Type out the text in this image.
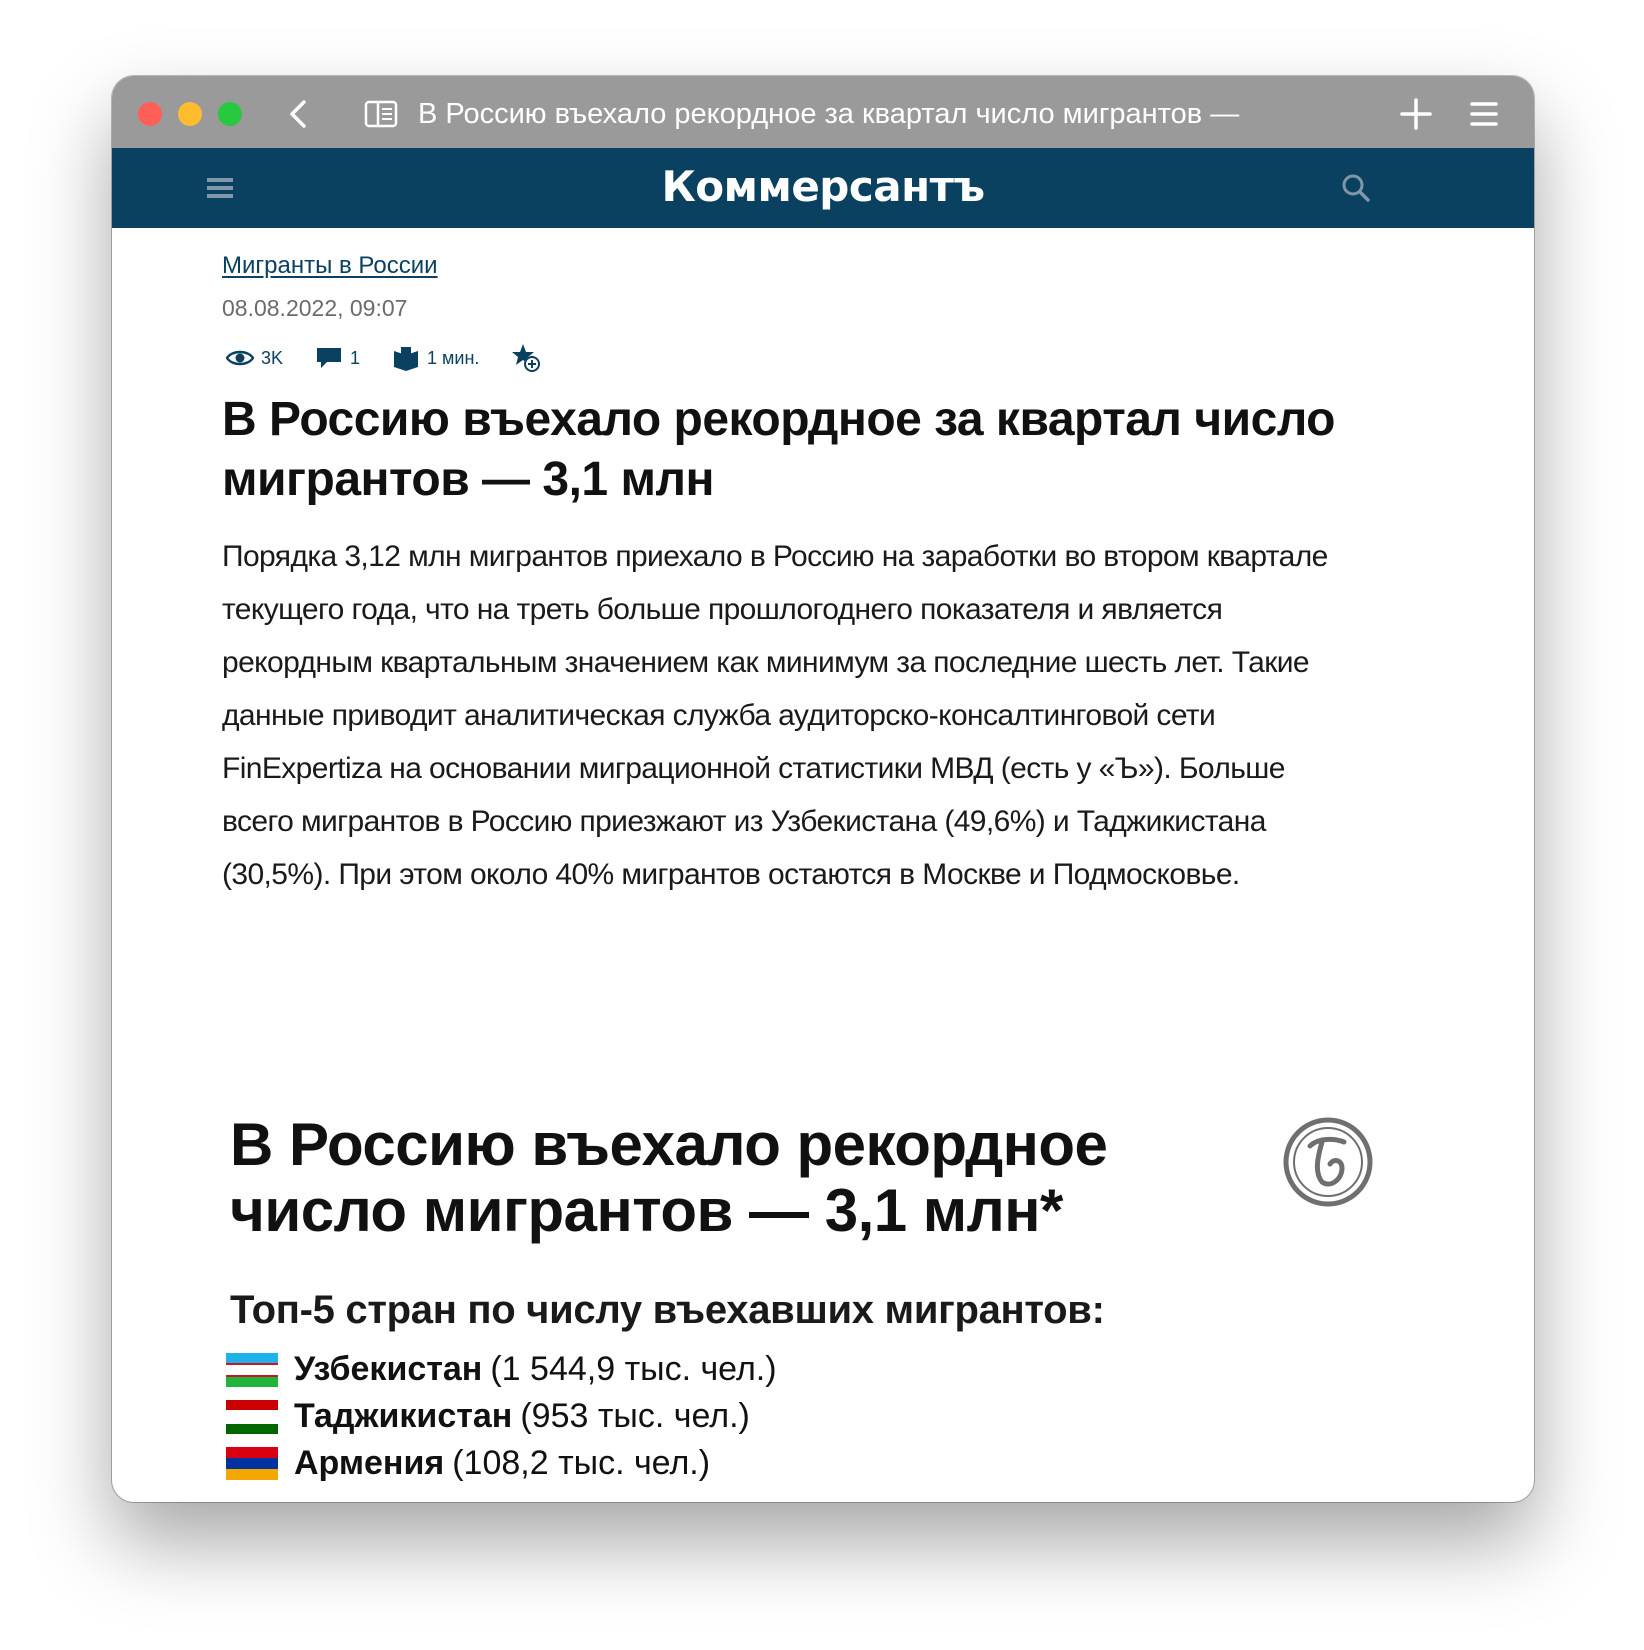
В Россию въехало рекордное за квартал число мигрантов —
Коммерсантъ
Мигранты в России
08.08.2022, 09:07
3K	1	1 мин.
В Россию въехало рекордное за квартал число мигрантов — 3,1 млн
Порядка 3,12 млн мигрантов приехало в Россию на заработки во втором квартале текущего года, что на треть больше прошлогоднего показателя и является рекордным квартальным значением как минимум за последние шесть лет. Такие данные приводит аналитическая служба аудиторско-консалтинговой сети FinExpertiza на основании миграционной статистики МВД (есть у «Ъ»). Больше всего мигрантов в Россию приезжают из Узбекистана (49,6%) и Таджикистана (30,5%). При этом около 40% мигрантов остаются в Москве и Подмосковье.
В Россию въехало рекордное число мигрантов — 3,1 млн*
Топ-5 стран по числу въехавших мигрантов:
Узбекистан (1 544,9 тыс. чел.)
Таджикистан (953 тыс. чел.)
Армения (108,2 тыс. чел.)
